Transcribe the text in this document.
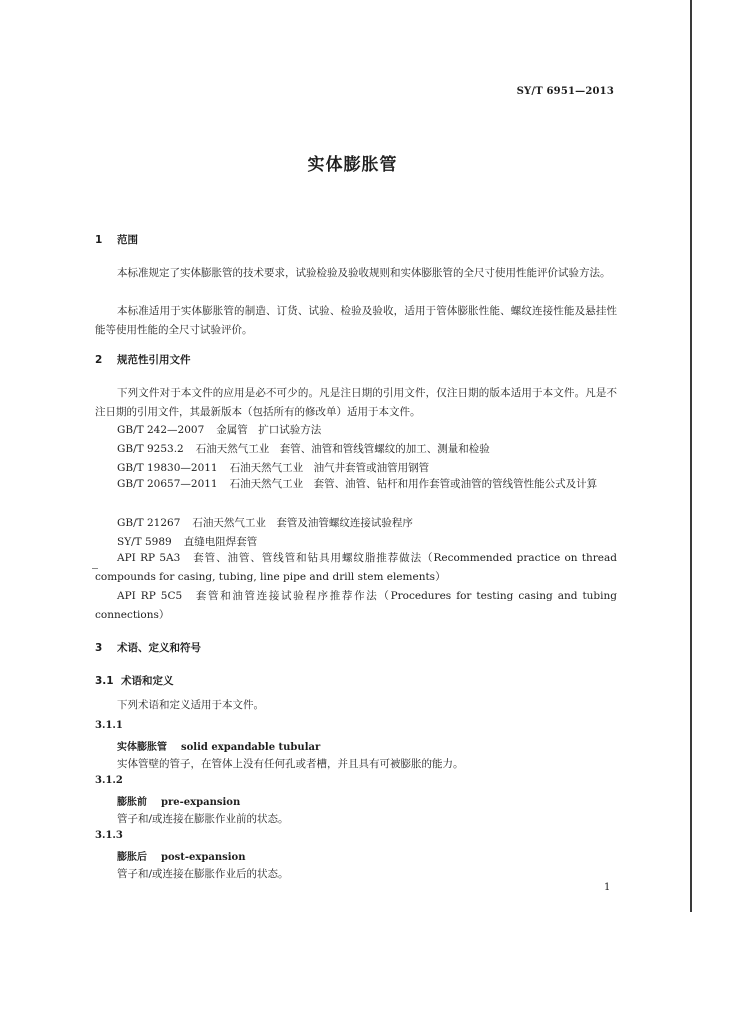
SY/T 6951—2013
实体膨胀管
1 范围
本标准规定了实体膨胀管的技术要求，试验检验及验收规则和实体膨胀管的全尺寸使用性能评价试验方法。
本标准适用于实体膨胀管的制造、订货、试验、检验及验收，适用于管体膨胀性能、螺纹连接性能及悬挂性能等使用性能的全尺寸试验评价。
2 规范性引用文件
下列文件对于本文件的应用是必不可少的。凡是注日期的引用文件，仅注日期的版本适用于本文件。凡是不注日期的引用文件，其最新版本（包括所有的修改单）适用于本文件。
GB/T 242—2007 金属管　扩口试验方法
GB/T 9253.2 石油天然气工业　套管、油管和管线管螺纹的加工、测量和检验
GB/T 19830—2011 石油天然气工业　油气井套管或油管用钢管
GB/T 20657—2011 石油天然气工业　套管、油管、钻杆和用作套管或油管的管线管性能公式及计算
GB/T 21267 石油天然气工业　套管及油管螺纹连接试验程序
SY/T 5989 直缝电阻焊套管
API RP 5A3 套管、油管、管线管和钻具用螺纹脂推荐做法（Recommended practice on thread compounds for casing, tubing, line pipe and drill stem elements）
API RP 5C5 套管和油管连接试验程序推荐作法（Procedures for testing casing and tubing connections）
3 术语、定义和符号
3.1 术语和定义
下列术语和定义适用于本文件。
3.1.1
实体膨胀管 solid expandable tubular
实体管壁的管子，在管体上没有任何孔或者槽，并且具有可被膨胀的能力。
3.1.2
膨胀前 pre-expansion
管子和/或连接在膨胀作业前的状态。
3.1.3
膨胀后 post-expansion
管子和/或连接在膨胀作业后的状态。
1
